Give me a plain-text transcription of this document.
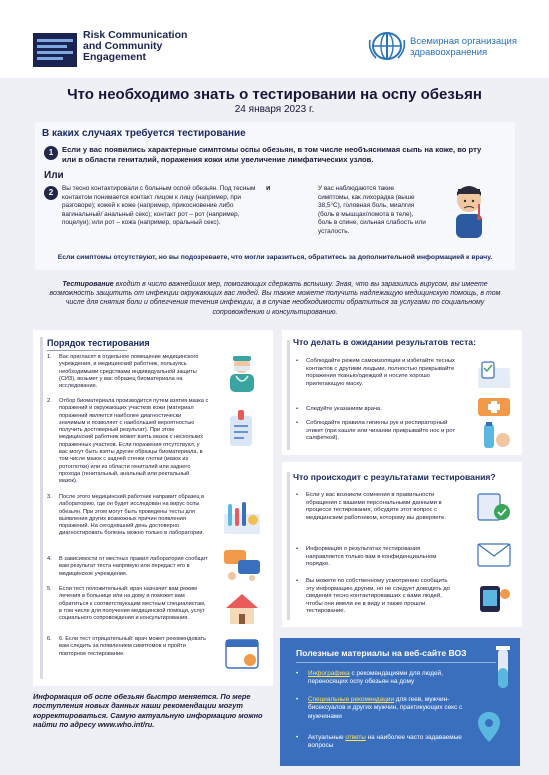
Risk Communication
and Community
Engagement
Всемирная организация
здравоохранения
Что необходимо знать о тестировании на оспу обезьян
24 января 2023 г.
В каких случаях требуется тестирование
1	Если у вас появились характерные симптомы оспы обезьян, в том числе необъяснимая сыпь на коже, во рту или в области гениталий, поражения кожи или увеличение лимфатических узлов.
Или
2	Вы тесно контактировали с больным оспой обезьян. Под тесным контактом понимается контакт лицом к лицу (например, при разговоре); кожей к коже (например, прикосновение либо вагинальный/ анальный секс); контакт рот – рот (например, поцелуи); или рот – кожа (например, оральный секс).
и	У вас наблюдаются такие симптомы, как лихорадка (выше 38,5°С), головная боль, миалгия (боль в мышцах/ломота в теле), боль в спине, сильная слабость или усталость.
Если симптомы отсутствуют, но вы подозреваете, что могли заразиться, обратитесь за дополнительной информацией к врачу.
Тестирование входит в число важнейших мер, помогающих сдержать вспышку. Зная, что вы заразились вирусом, вы имеете возможность защитить от инфекции окружающих вас людей. Вы также можете получить надлежащую медицинскую помощь, в том числе для снятия боли и облегчения течения инфекции, а в случае необходимости обратиться за услугами по социальному сопровождению и консультированию.
Порядок тестирования
1.	Вас пригласят в отдельное помещение медицинского учреждения, и медицинский работник, пользуясь необходимыми средствами индивидуальной защиты (СИЗ), возьмет у вас образец биоматериала на исследование.
2.	Отбор биоматериала производится путем взятия мазка с поражений и окружающих участков кожи (материал поражений является наиболее диагностически значимым и позволяет с наибольшей вероятностью получить достоверный результат). При этом медицинский работник может взять мазок с нескольких пораженных участков. Если поражения отсутствуют, у вас могут быть взяты другие образцы биоматериала, в том числе мазок с задней стенки глотки (мазок из ротоглотки) или из области гениталий или заднего прохода (генитальный, анальный или ректальный мазок).
3.	После этого медицинский работник направит образец в лабораторию, где он будет исследован на вирус оспы обезьян. При этом могут быть проведены тесты для выявления других возможных причин появления поражений. На сегодняшний день достоверно диагностировать болезнь можно только в лаборатории.
4.	В зависимости от местных правил лаборатория сообщит вам результат теста напрямую или передаст его в медицинское учреждение.
5.	Если тест положительный: врач назначит вам режим лечения в больнице или на дому и поможет вам обратиться к соответствующим местным специалистам, в том числе для получения медицинской помощи, услуг социального сопровождения и консультирования.
6.	6. Если тест отрицательный: врач может рекомендовать вам следить за появлением симптомов и пройти повторное тестирование.
Информация об оспе обезьян быстро меняется. По мере поступления новых данных наши рекомендации могут корректироваться. Самую актуальную информацию можно найти по адресу www.who.int/ru.
Что делать в ожидании результатов теста:
• Соблюдайте режим самоизоляции и избегайте тесных контактов с другими людьми, полностью прикрывайте поражения тканью/одеждой и носите хорошо прилегающую маску.
• Следуйте указаниям врача.
• Соблюдайте правила гигиены рук и респираторный этикет (при кашле или чихании прикрывайте нос и рот салфеткой).
Что происходит с результатами тестирования?
• Если у вас возникли сомнения в правильности обращения с вашими персональными данными в процессе тестирования, обсудите этот вопрос с медицинским работником, которому вы доверяете.
• Информация о результатах тестирования направляется только вам в конфиденциальном порядке.
• Вы можете по собственному усмотрению сообщить эту информацию другим, но не следует доводить до сведения тесно контактировавших с вами людей, чтобы они имели ее в виду и также прошли тестирование.
Полезные материалы на веб-сайте ВОЗ
• Инфографика с рекомендациями для людей, переносящих оспу обезьян на дому
• Специальные рекомендации для геев, мужчин-бисексуалов и других мужчин, практикующих секс с мужчинами
• Актуальные ответы на наиболее часто задаваемые вопросы
